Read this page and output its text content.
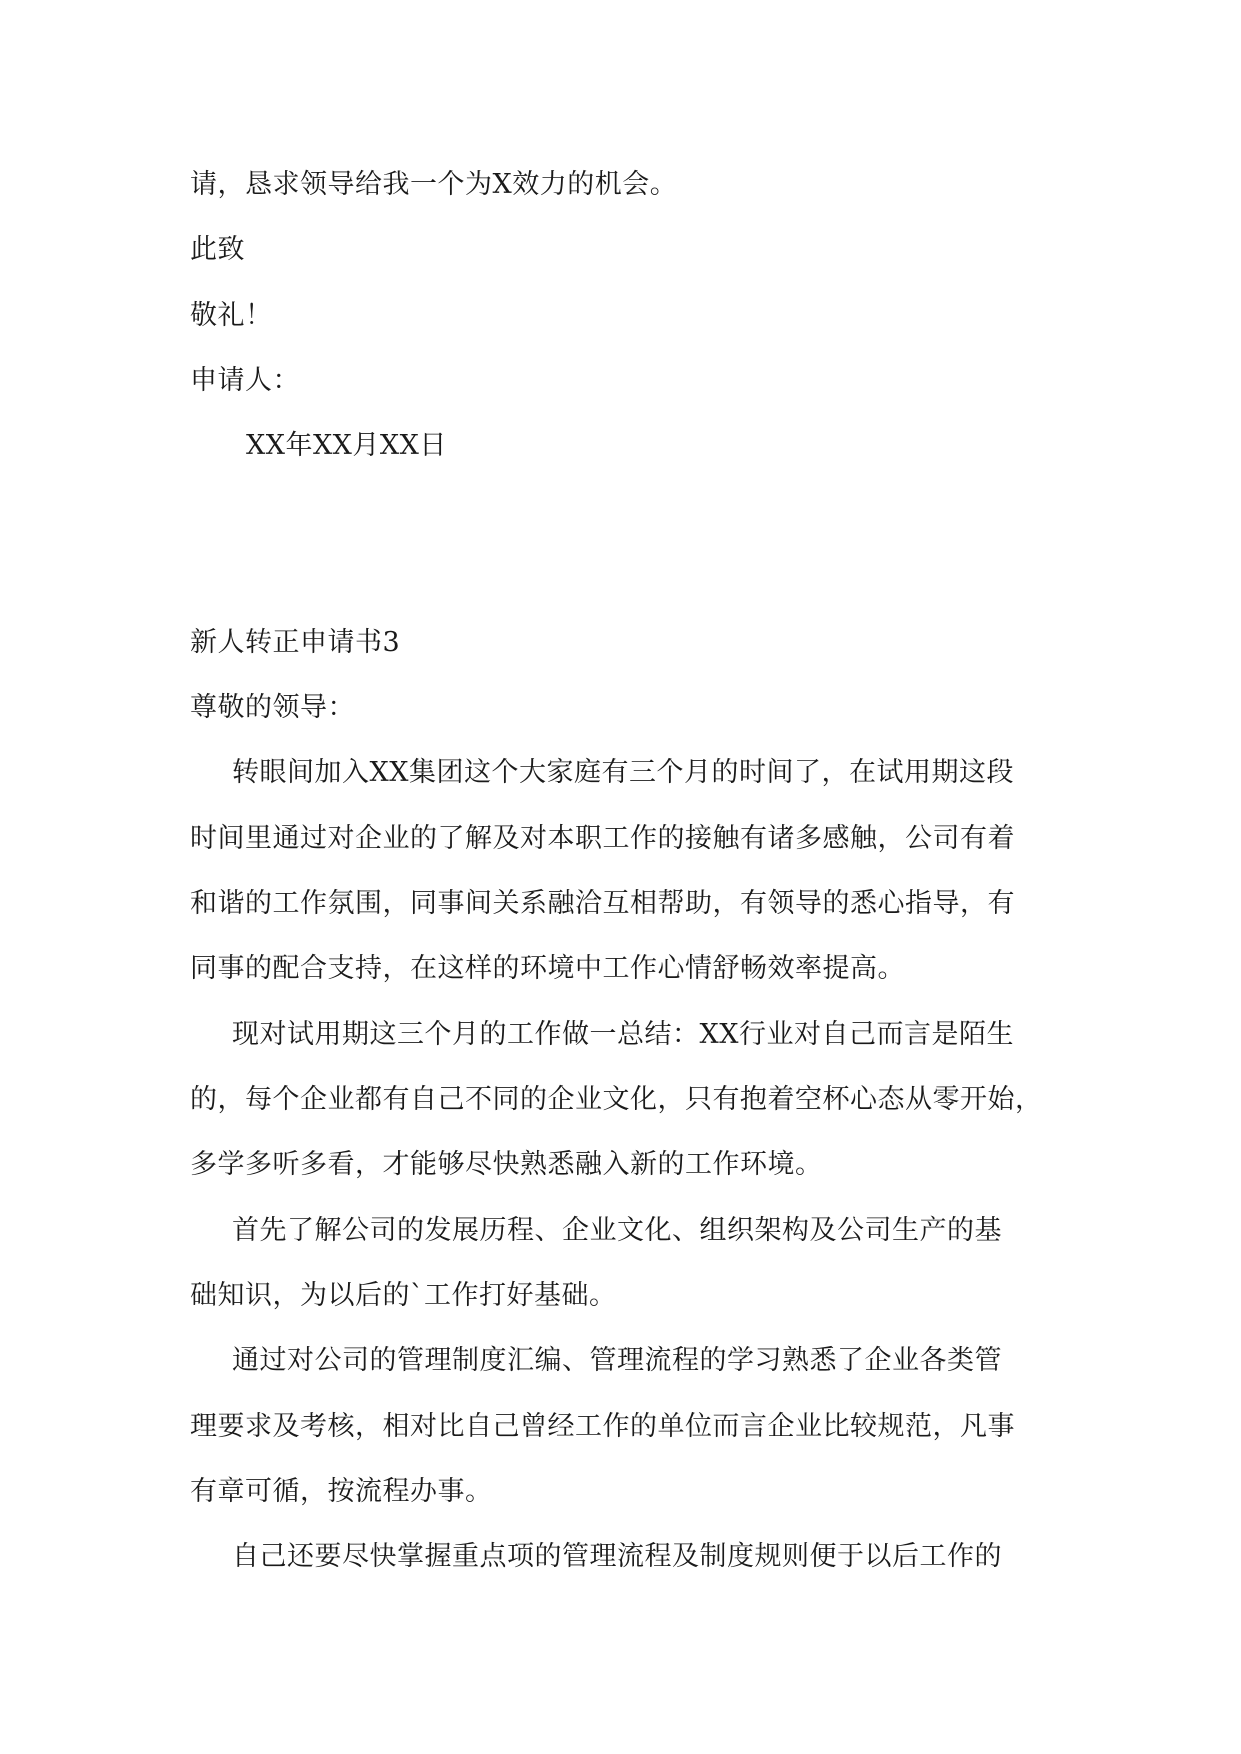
请，恳求领导给我一个为X效力的机会。
此致
敬礼！
申请人：
XX年XX月XX日
新人转正申请书3
尊敬的领导：
转眼间加入XX集团这个大家庭有三个月的时间了，在试用期这段
时间里通过对企业的了解及对本职工作的接触有诸多感触，公司有着
和谐的工作氛围，同事间关系融洽互相帮助，有领导的悉心指导，有
同事的配合支持，在这样的环境中工作心情舒畅效率提高。
现对试用期这三个月的工作做一总结：XX行业对自己而言是陌生
的，每个企业都有自己不同的企业文化，只有抱着空杯心态从零开始，
多学多听多看，才能够尽快熟悉融入新的工作环境。
首先了解公司的发展历程、企业文化、组织架构及公司生产的基
础知识，为以后的`工作打好基础。
通过对公司的管理制度汇编、管理流程的学习熟悉了企业各类管
理要求及考核，相对比自己曾经工作的单位而言企业比较规范，凡事
有章可循，按流程办事。
自己还要尽快掌握重点项的管理流程及制度规则便于以后工作的
